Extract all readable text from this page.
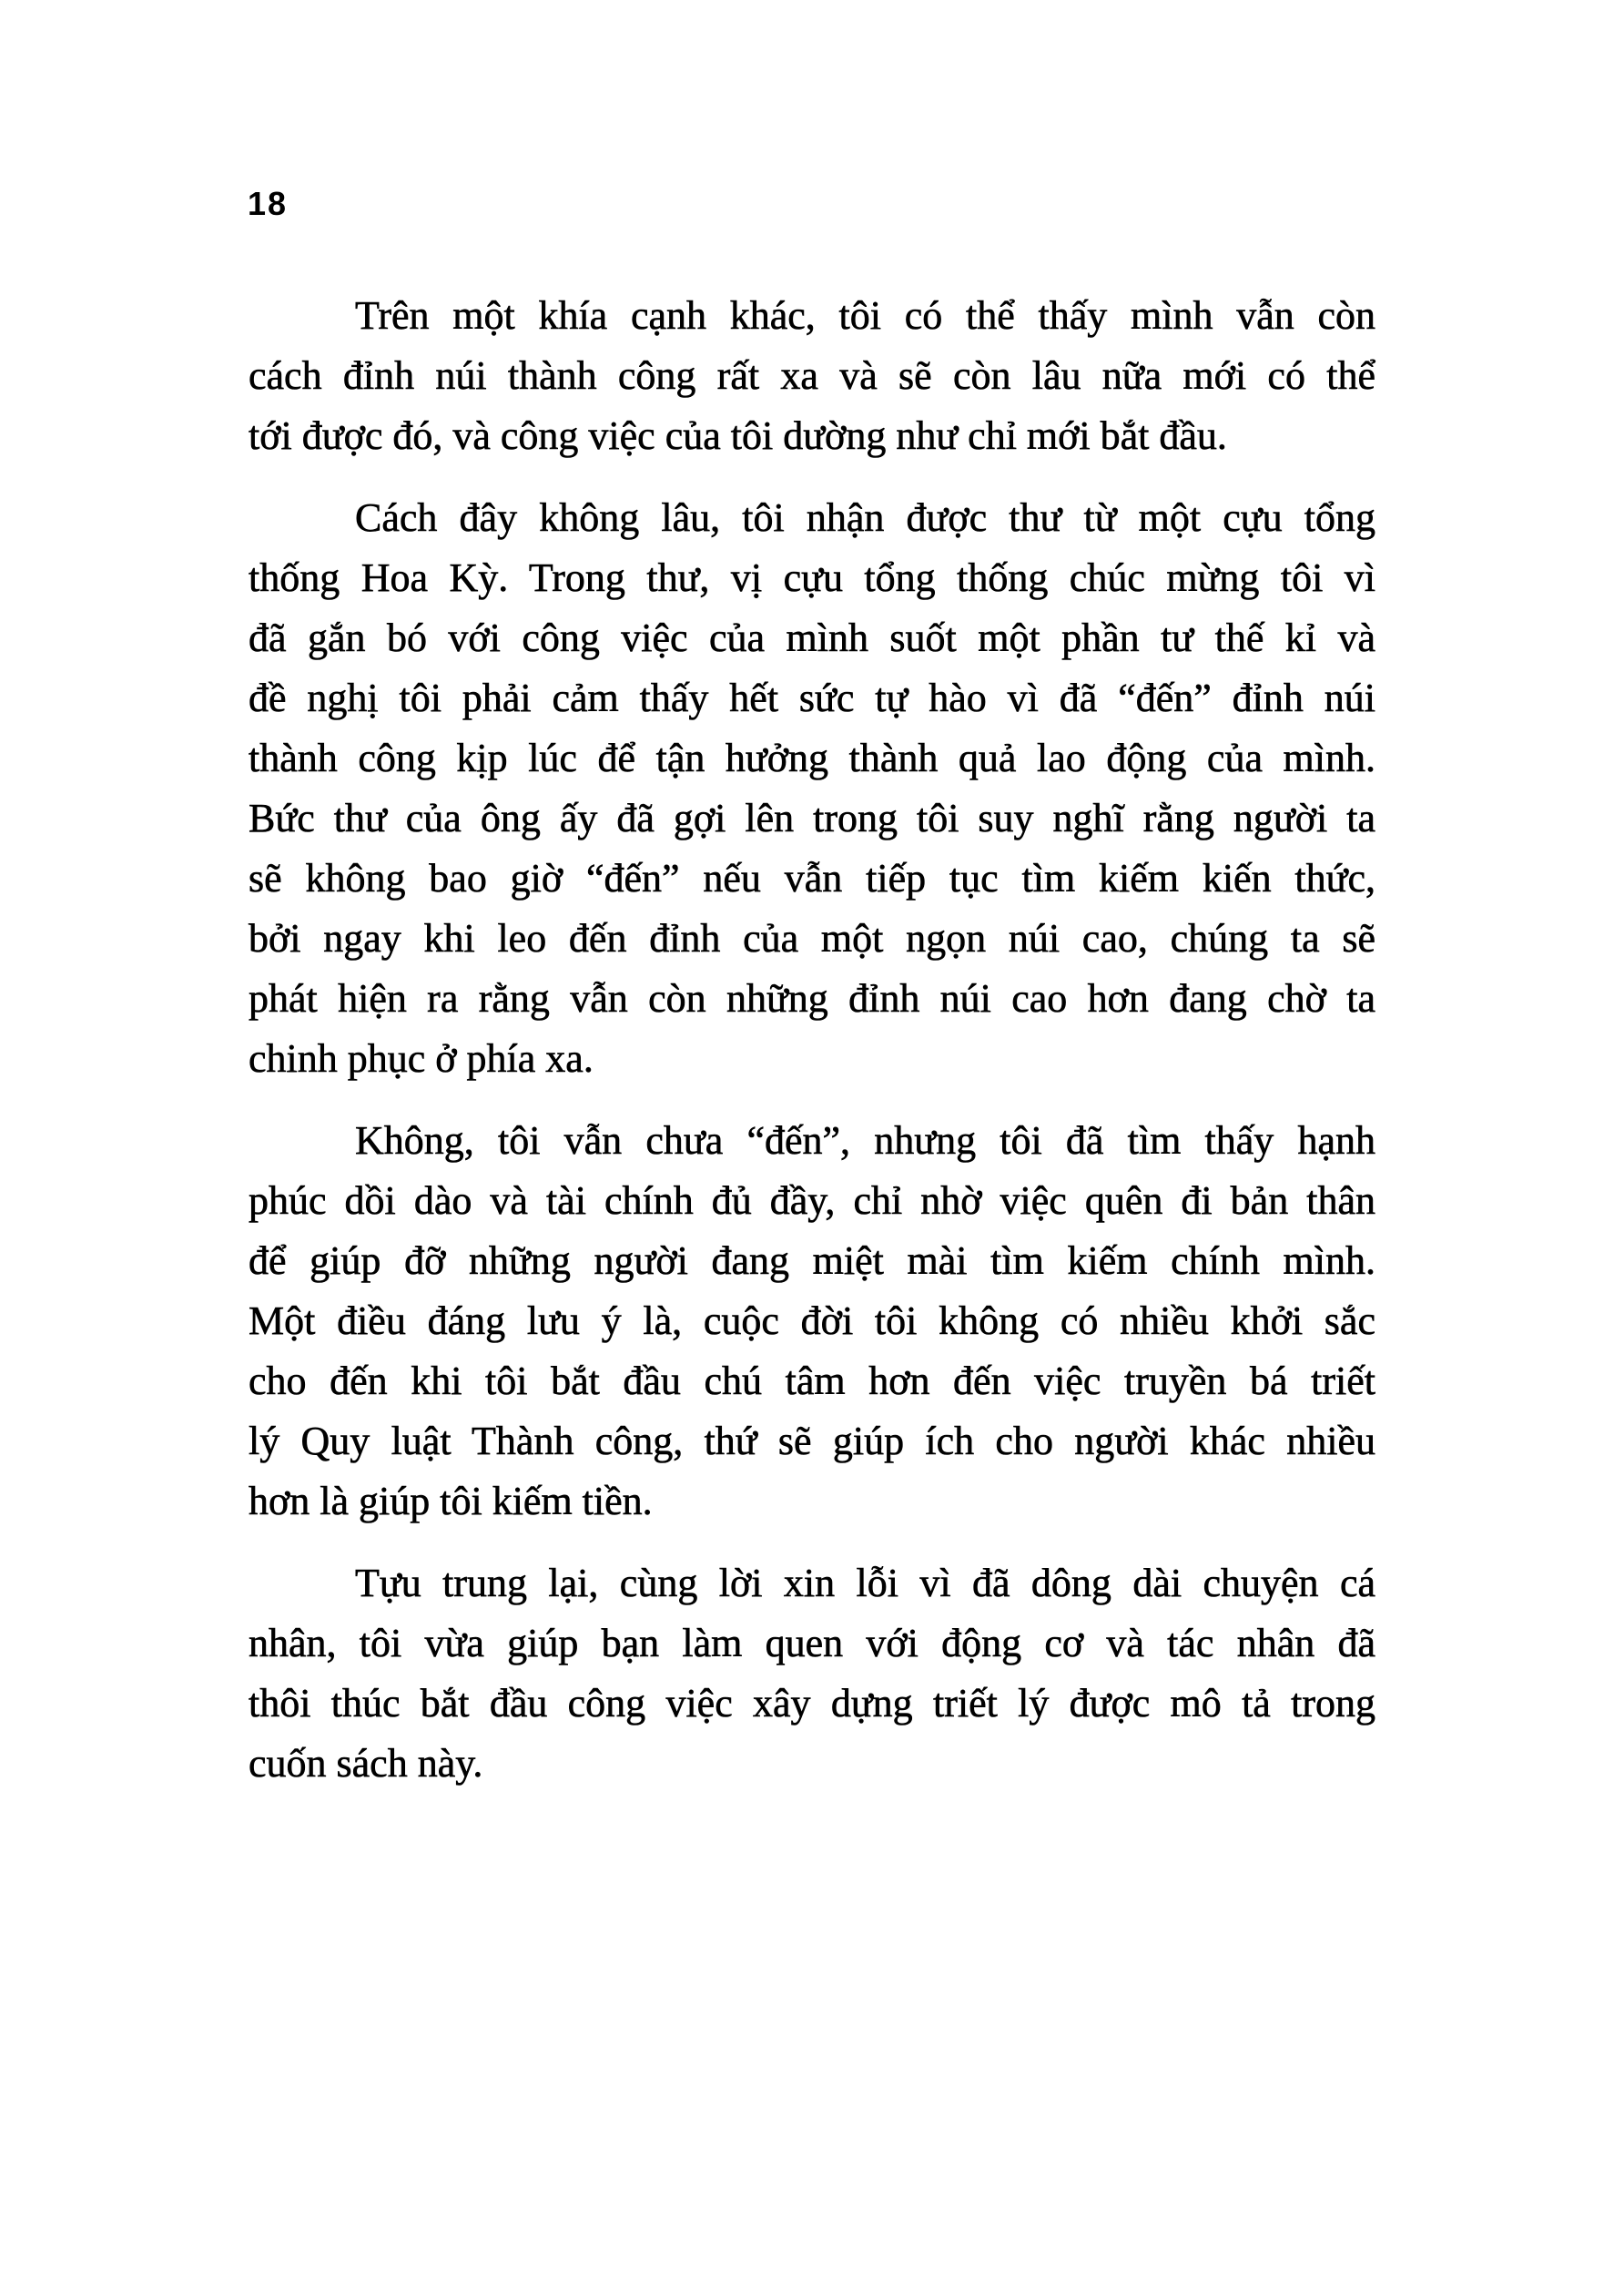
18
Trên một khía cạnh khác, tôi có thể thấy mình vẫn còn
cách đỉnh núi thành công rất xa và sẽ còn lâu nữa mới có thể
tới được đó, và công việc của tôi dường như chỉ mới bắt đầu.
Cách đây không lâu, tôi nhận được thư từ một cựu tổng
thống Hoa Kỳ. Trong thư, vị cựu tổng thống chúc mừng tôi vì
đã gắn bó với công việc của mình suốt một phần tư thế kỉ và
đề nghị tôi phải cảm thấy hết sức tự hào vì đã “đến” đỉnh núi
thành công kịp lúc để tận hưởng thành quả lao động của mình.
Bức thư của ông ấy đã gợi lên trong tôi suy nghĩ rằng người ta
sẽ không bao giờ “đến” nếu vẫn tiếp tục tìm kiếm kiến thức,
bởi ngay khi leo đến đỉnh của một ngọn núi cao, chúng ta sẽ
phát hiện ra rằng vẫn còn những đỉnh núi cao hơn đang chờ ta
chinh phục ở phía xa.
Không, tôi vẫn chưa “đến”, nhưng tôi đã tìm thấy hạnh
phúc dồi dào và tài chính đủ đầy, chỉ nhờ việc quên đi bản thân
để giúp đỡ những người đang miệt mài tìm kiếm chính mình.
Một điều đáng lưu ý là, cuộc đời tôi không có nhiều khởi sắc
cho đến khi tôi bắt đầu chú tâm hơn đến việc truyền bá triết
lý Quy luật Thành công, thứ sẽ giúp ích cho người khác nhiều
hơn là giúp tôi kiếm tiền.
Tựu trung lại, cùng lời xin lỗi vì đã dông dài chuyện cá
nhân, tôi vừa giúp bạn làm quen với động cơ và tác nhân đã
thôi thúc bắt đầu công việc xây dựng triết lý được mô tả trong
cuốn sách này.
